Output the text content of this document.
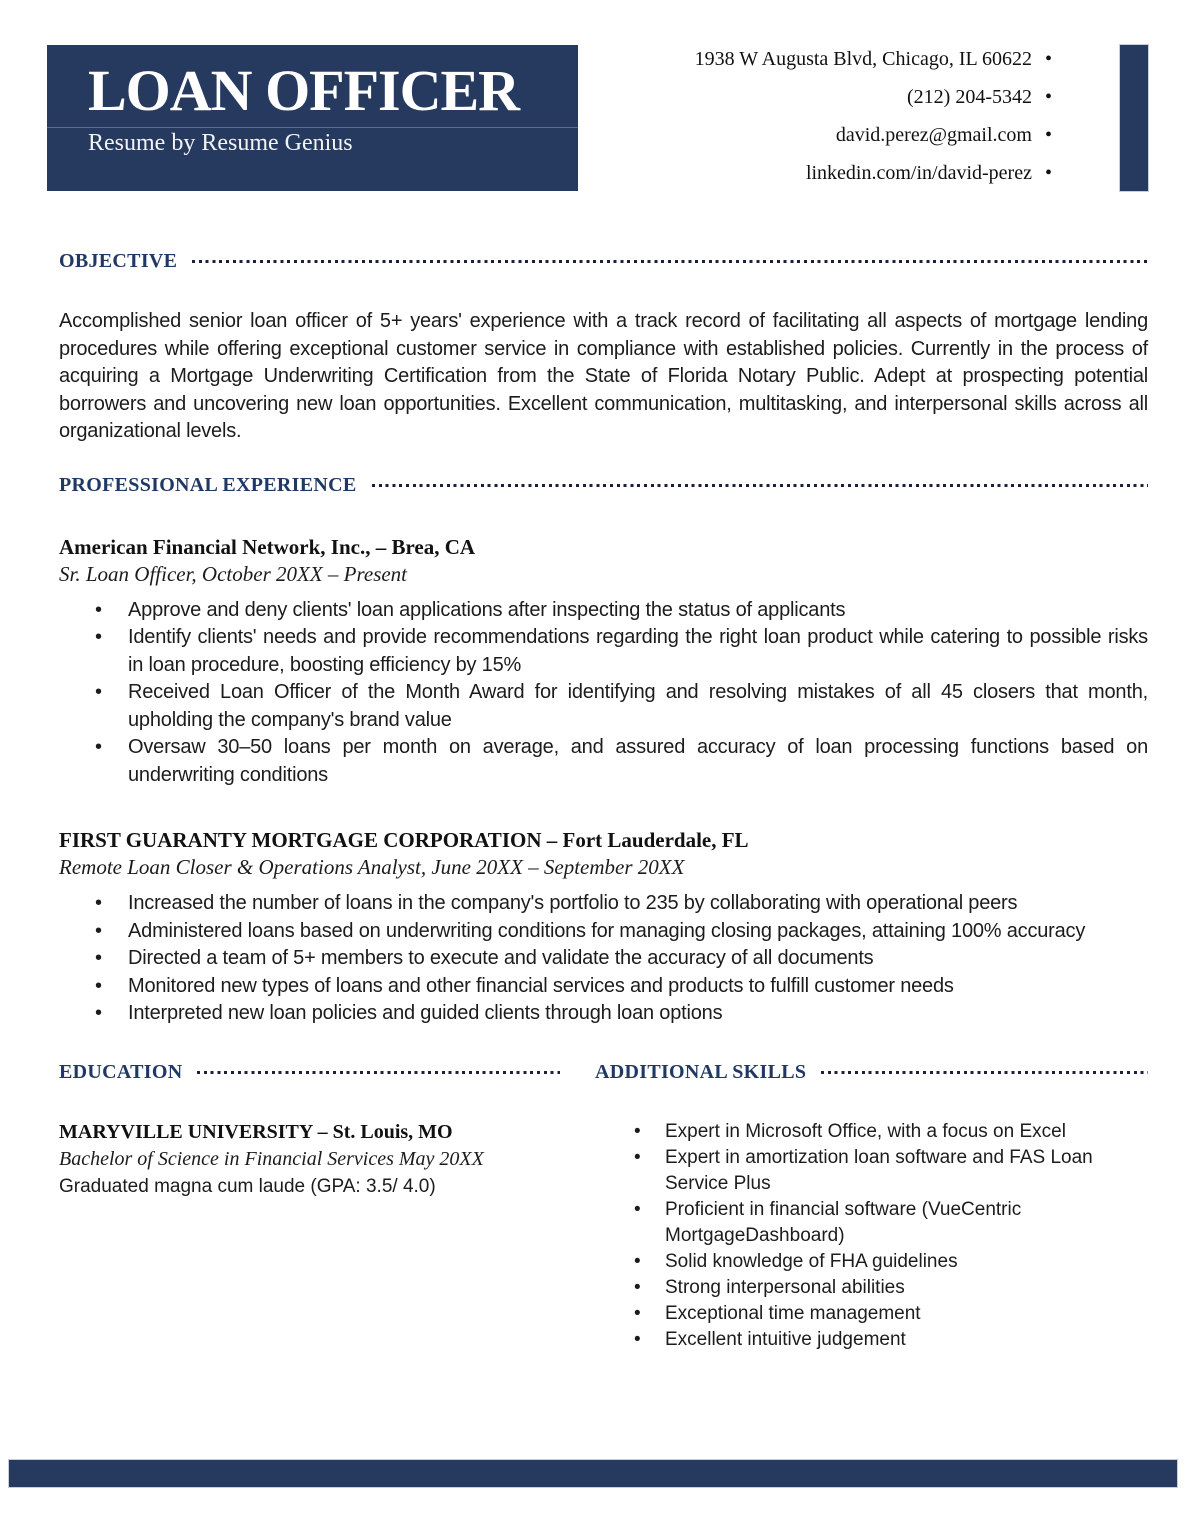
LOAN OFFICER
Resume by Resume Genius
1938 W Augusta Blvd, Chicago, IL 60622 •
(212) 204-5342 •
david.perez@gmail.com •
linkedin.com/in/david-perez •
OBJECTIVE

Accomplished senior loan officer of 5+ years' experience with a track record of facilitating all aspects of mortgage lending procedures while offering exceptional customer service in compliance with established policies. Currently in the process of acquiring a Mortgage Underwriting Certification from the State of Florida Notary Public. Adept at prospecting potential borrowers and uncovering new loan opportunities. Excellent communication, multitasking, and interpersonal skills across all organizational levels.

PROFESSIONAL EXPERIENCE
American Financial Network, Inc., – Brea, CA
Sr. Loan Officer, October 20XX – Present
• Approve and deny clients' loan applications after inspecting the status of applicants
• Identify clients' needs and provide recommendations regarding the right loan product while catering to possible risks in loan procedure, boosting efficiency by 15%
• Received Loan Officer of the Month Award for identifying and resolving mistakes of all 45 closers that month, upholding the company's brand value
• Oversaw 30–50 loans per month on average, and assured accuracy of loan processing functions based on underwriting conditions
FIRST GUARANTY MORTGAGE CORPORATION – Fort Lauderdale, FL
Remote Loan Closer & Operations Analyst, June 20XX – September 20XX
• Increased the number of loans in the company's portfolio to 235 by collaborating with operational peers
• Administered loans based on underwriting conditions for managing closing packages, attaining 100% accuracy
• Directed a team of 5+ members to execute and validate the accuracy of all documents
• Monitored new types of loans and other financial services and products to fulfill customer needs
• Interpreted new loan policies and guided clients through loan options
EDUCATION
MARYVILLE UNIVERSITY – St. Louis, MO
Bachelor of Science in Financial Services May 20XX
Graduated magna cum laude (GPA: 3.5/ 4.0)
ADDITIONAL SKILLS
• Expert in Microsoft Office, with a focus on Excel
• Expert in amortization loan software and FAS Loan Service Plus
• Proficient in financial software (VueCentric MortgageDashboard)
• Solid knowledge of FHA guidelines
• Strong interpersonal abilities
• Exceptional time management
• Excellent intuitive judgement
